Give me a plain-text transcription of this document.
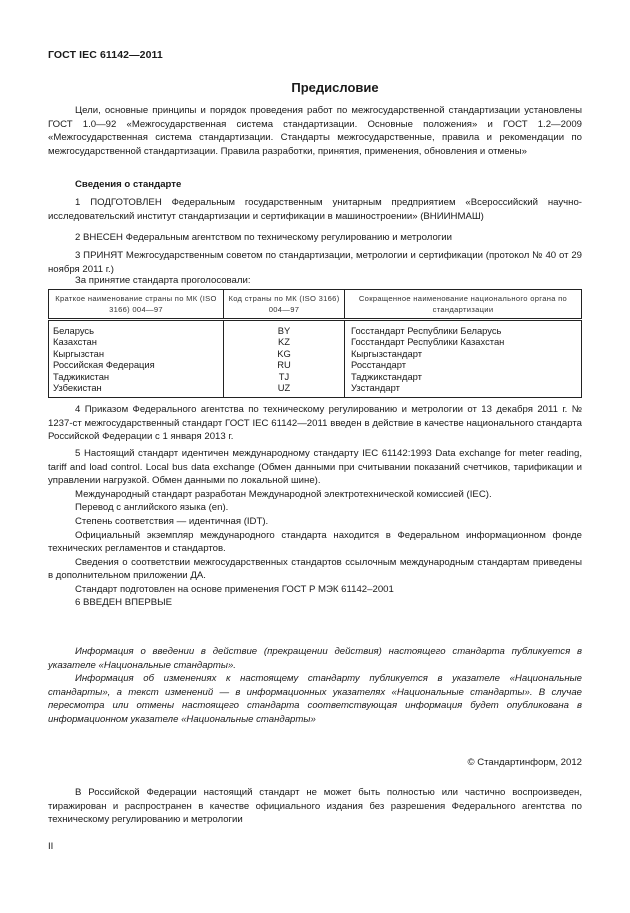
ГОСТ IEC 61142—2011
Предисловие

Цели, основные принципы и порядок проведения работ по межгосударственной стандартизации установлены ГОСТ 1.0—92 «Межгосударственная система стандартизации. Основные положения» и ГОСТ 1.2—2009 «Межгосударственная система стандартизации. Стандарты межгосударственные, правила и рекомендации по межгосударственной стандартизации. Правила разработки, принятия, применения, обновления и отмены»

Сведения о стандарте

1 ПОДГОТОВЛЕН Федеральным государственным унитарным предприятием «Всероссийский научно-исследовательский институт стандартизации и сертификации в машиностроении» (ВНИИНМАШ)

2 ВНЕСЕН Федеральным агентством по техническому регулированию и метрологии

3 ПРИНЯТ Межгосударственным советом по стандартизации, метрологии и сертификации (протокол № 40 от 29 ноября 2011 г.)

За принятие стандарта проголосовали:

Краткое наименование страны по МК (ISO 3166) 004—97	Код страны по МК (ISO 3166) 004—97	Сокращенное наименование национального органа по стандартизации
Беларусь	BY	Госстандарт Республики Беларусь
Казахстан	KZ	Госстандарт Республики Казахстан
Кыргызстан	KG	Кыргызстандарт
Российская Федерация	RU	Росстандарт
Таджикистан	TJ	Таджикстандарт
Узбекистан	UZ	Узстандарт

4 Приказом Федерального агентства по техническому регулированию и метрологии от 13 декабря 2011 г. № 1237-ст межгосударственный стандарт ГОСТ IEC 61142—2011 введен в действие в качестве национального стандарта Российской Федерации с 1 января 2013 г.

5 Настоящий стандарт идентичен международному стандарту IEC 61142:1993 Data exchange for meter reading, tariff and load control. Local bus data exchange (Обмен данными при считывании показаний счетчиков, тарификации и управлении нагрузкой. Обмен данными по локальной шине).

Международный стандарт разработан Международной электротехнической комиссией (IEC).

Перевод с английского языка (en).

Степень соответствия — идентичная (IDT).

Официальный экземпляр международного стандарта находится в Федеральном информационном фонде технических регламентов и стандартов.

Сведения о соответствии межгосударственных стандартов ссылочным международным стандартам приведены в дополнительном приложении ДА.

Стандарт подготовлен на основе применения ГОСТ Р МЭК 61142–2001

6 ВВЕДЕН ВПЕРВЫЕ

Информация о введении в действие (прекращении действия) настоящего стандарта публикуется в указателе «Национальные стандарты».

Информация об изменениях к настоящему стандарту публикуется в указателе «Национальные стандарты», а текст изменений — в информационных указателях «Национальные стандарты». В случае пересмотра или отмены настоящего стандарта соответствующая информация будет опубликована в информационном указателе «Национальные стандарты»

© Стандартинформ, 2012

В Российской Федерации настоящий стандарт не может быть полностью или частично воспроизведен, тиражирован и распространен в качестве официального издания без разрешения Федерального агентства по техническому регулированию и метрологии

II
